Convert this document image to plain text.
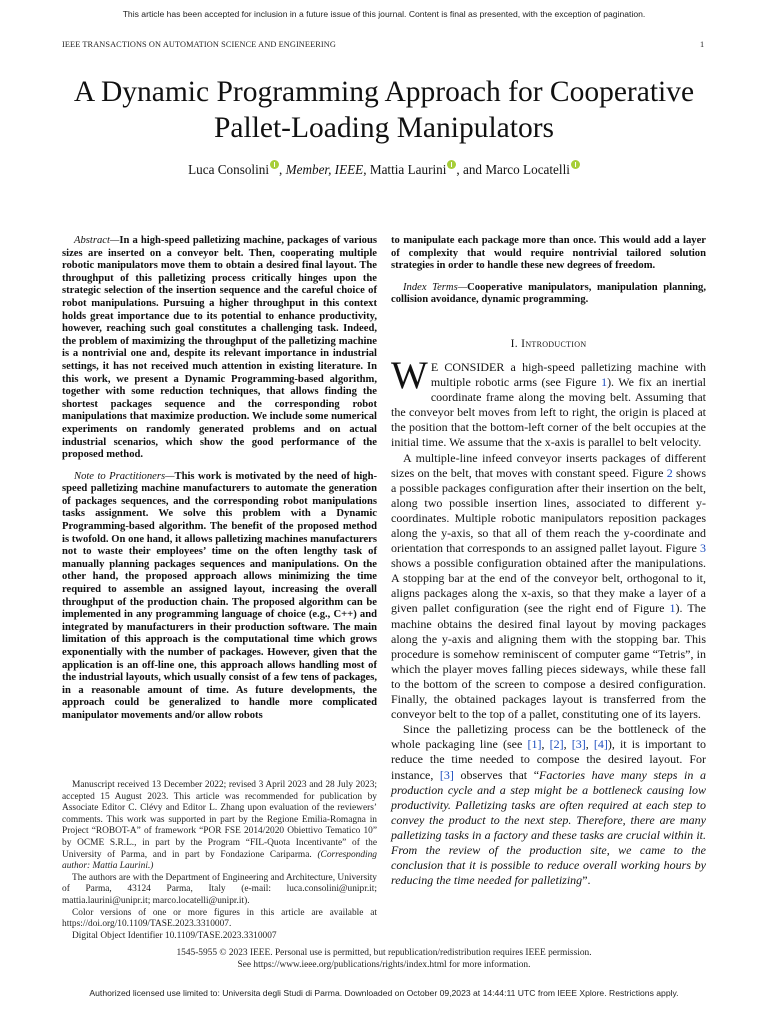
This article has been accepted for inclusion in a future issue of this journal. Content is final as presented, with the exception of pagination.
IEEE TRANSACTIONS ON AUTOMATION SCIENCE AND ENGINEERING	1
A Dynamic Programming Approach for Cooperative
Pallet-Loading Manipulators
Luca Consolini , Member, IEEE, Mattia Laurini , and Marco Locatelli

Abstract—In a high-speed palletizing machine, packages of various sizes are inserted on a conveyor belt. Then, cooperating multiple robotic manipulators move them to obtain a desired final layout. The throughput of this palletizing process critically hinges upon the strategic selection of the insertion sequence and the careful choice of robot manipulations. Pursuing a higher throughput in this context holds great importance due to its potential to enhance productivity, however, reaching such goal constitutes a challenging task. Indeed, the problem of maximizing the throughput of the palletizing machine is a nontrivial one and, despite its relevant importance in industrial settings, it has not received much attention in existing literature. In this work, we present a Dynamic Programming-based algorithm, together with some reduction techniques, that allows finding the shortest packages sequence and the corresponding robot manipulations that maximize production. We include some numerical experiments on randomly generated problems and on actual industrial scenarios, which show the good performance of the proposed method.

Note to Practitioners—This work is motivated by the need of high-speed palletizing machine manufacturers to automate the generation of packages sequences, and the corresponding robot manipulations tasks assignment. We solve this problem with a Dynamic Programming-based algorithm. The benefit of the proposed method is twofold. On one hand, it allows palletizing machines manufacturers not to waste their employees’ time on the often lengthy task of manually planning packages sequences and manipulations. On the other hand, the proposed approach allows minimizing the time required to assemble an assigned layout, increasing the overall throughput of the production chain. The proposed algorithm can be implemented in any programming language of choice (e.g., C++) and integrated by manufacturers in their production software. The main limitation of this approach is the computational time which grows exponentially with the number of packages. However, given that the application is an off-line one, this approach allows handling most of the industrial layouts, which usually consist of a few tens of packages, in a reasonable amount of time. As future developments, the approach could be generalized to handle more complicated manipulator movements and/or allow robots

to manipulate each package more than once. This would add a layer of complexity that would require nontrivial tailored solution strategies in order to handle these new degrees of freedom.

Index Terms—Cooperative manipulators, manipulation planning, collision avoidance, dynamic programming.

I. Introduction

W E CONSIDER a high-speed palletizing machine with multiple robotic arms (see Figure 1). We fix an inertial coordinate frame along the moving belt. Assuming that the conveyor belt moves from left to right, the origin is placed at the position that the bottom-left corner of the belt occupies at the initial time. We assume that the x-axis is parallel to belt velocity.

A multiple-line infeed conveyor inserts packages of different sizes on the belt, that moves with constant speed. Figure 2 shows a possible packages configuration after their insertion on the belt, along two possible insertion lines, associated to different y-coordinates. Multiple robotic manipulators reposition packages along the y-axis, so that all of them reach the y-coordinate and orientation that corresponds to an assigned pallet layout. Figure 3 shows a possible configuration obtained after the manipulations. A stopping bar at the end of the conveyor belt, orthogonal to it, aligns packages along the x-axis, so that they make a layer of a given pallet configuration (see the right end of Figure 1). The machine obtains the desired final layout by moving packages along the y-axis and aligning them with the stopping bar. This procedure is somehow reminiscent of computer game “Tetris”, in which the player moves falling pieces sideways, while these fall to the bottom of the screen to compose a desired configuration. Finally, the obtained packages layout is transferred from the conveyor belt to the top of a pallet, constituting one of its layers.

Since the palletizing process can be the bottleneck of the whole packaging line (see [1], [2], [3], [4]), it is important to reduce the time needed to compose the desired layout. For instance, [3] observes that “Factories have many steps in a production cycle and a step might be a bottleneck causing low productivity. Palletizing tasks are often required at each step to convey the product to the next step. Therefore, there are many palletizing tasks in a factory and these tasks are crucial within it. From the review of the production site, we came to the conclusion that it is possible to reduce overall working hours by reducing the time needed for palletizing”.

Manuscript received 13 December 2022; revised 3 April 2023 and 28 July 2023; accepted 15 August 2023. This article was recommended for publication by Associate Editor C. Clévy and Editor L. Zhang upon evaluation of the reviewers’ comments. This work was supported in part by the Regione Emilia-Romagna in Project “ROBOT-A” of framework “POR FSE 2014/2020 Obiettivo Tematico 10” by OCME S.R.L., in part by the Program “FIL-Quota Incentivante” of the University of Parma, and in part by Fondazione Cariparma. (Corresponding author: Mattia Laurini.)

The authors are with the Department of Engineering and Architecture, University of Parma, 43124 Parma, Italy (e-mail: luca.consolini@unipr.it; mattia.laurini@unipr.it; marco.locatelli@unipr.it).

Color versions of one or more figures in this article are available at https://doi.org/10.1109/TASE.2023.3310007.

Digital Object Identifier 10.1109/TASE.2023.3310007

1545-5955 © 2023 IEEE. Personal use is permitted, but republication/redistribution requires IEEE permission.
See https://www.ieee.org/publications/rights/index.html for more information.
Authorized licensed use limited to: Universita degli Studi di Parma. Downloaded on October 09,2023 at 14:44:11 UTC from IEEE Xplore. Restrictions apply.
